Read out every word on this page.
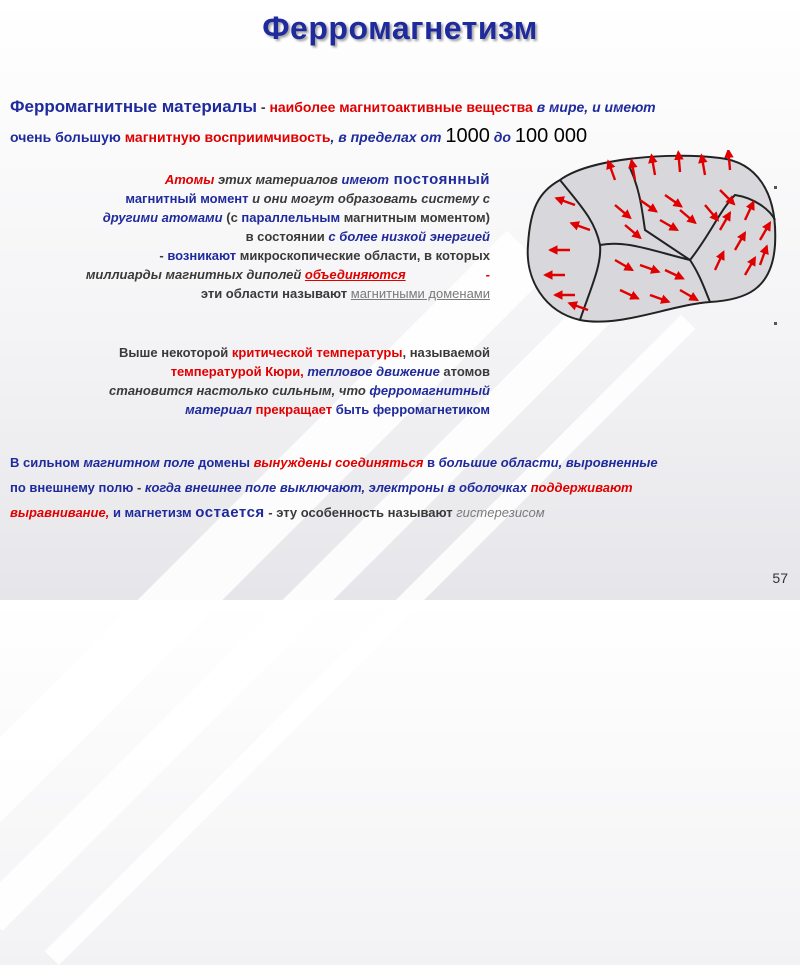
Ферромагнетизм
Ферромагнитные материалы - наиболее магнитоактивные вещества в мире, и имеют
очень большую магнитную восприимчивость, в пределах от 1000 до 100 000
Атомы этих материалов имеют постоянный
магнитный момент и они могут образовать систему с
другими атомами (с параллельным магнитным моментом)
в состоянии с более низкой энергией
- возникают микроскопические области, в которых
миллиарды магнитных диполей объединяются	-
эти области называют магнитными доменами
Выше некоторой критической температуры, называемой
температурой Кюри, тепловое движение атомов
становится настолько сильным, что ферромагнитный
материал прекращает быть ферромагнетиком
В сильном магнитном поле домены вынуждены соединяться в большие области, выровненные
по внешнему полю - когда внешнее поле выключают, электроны в оболочках поддерживают
выравнивание, и магнетизм остается - эту особенность называют гистерезисом
57
